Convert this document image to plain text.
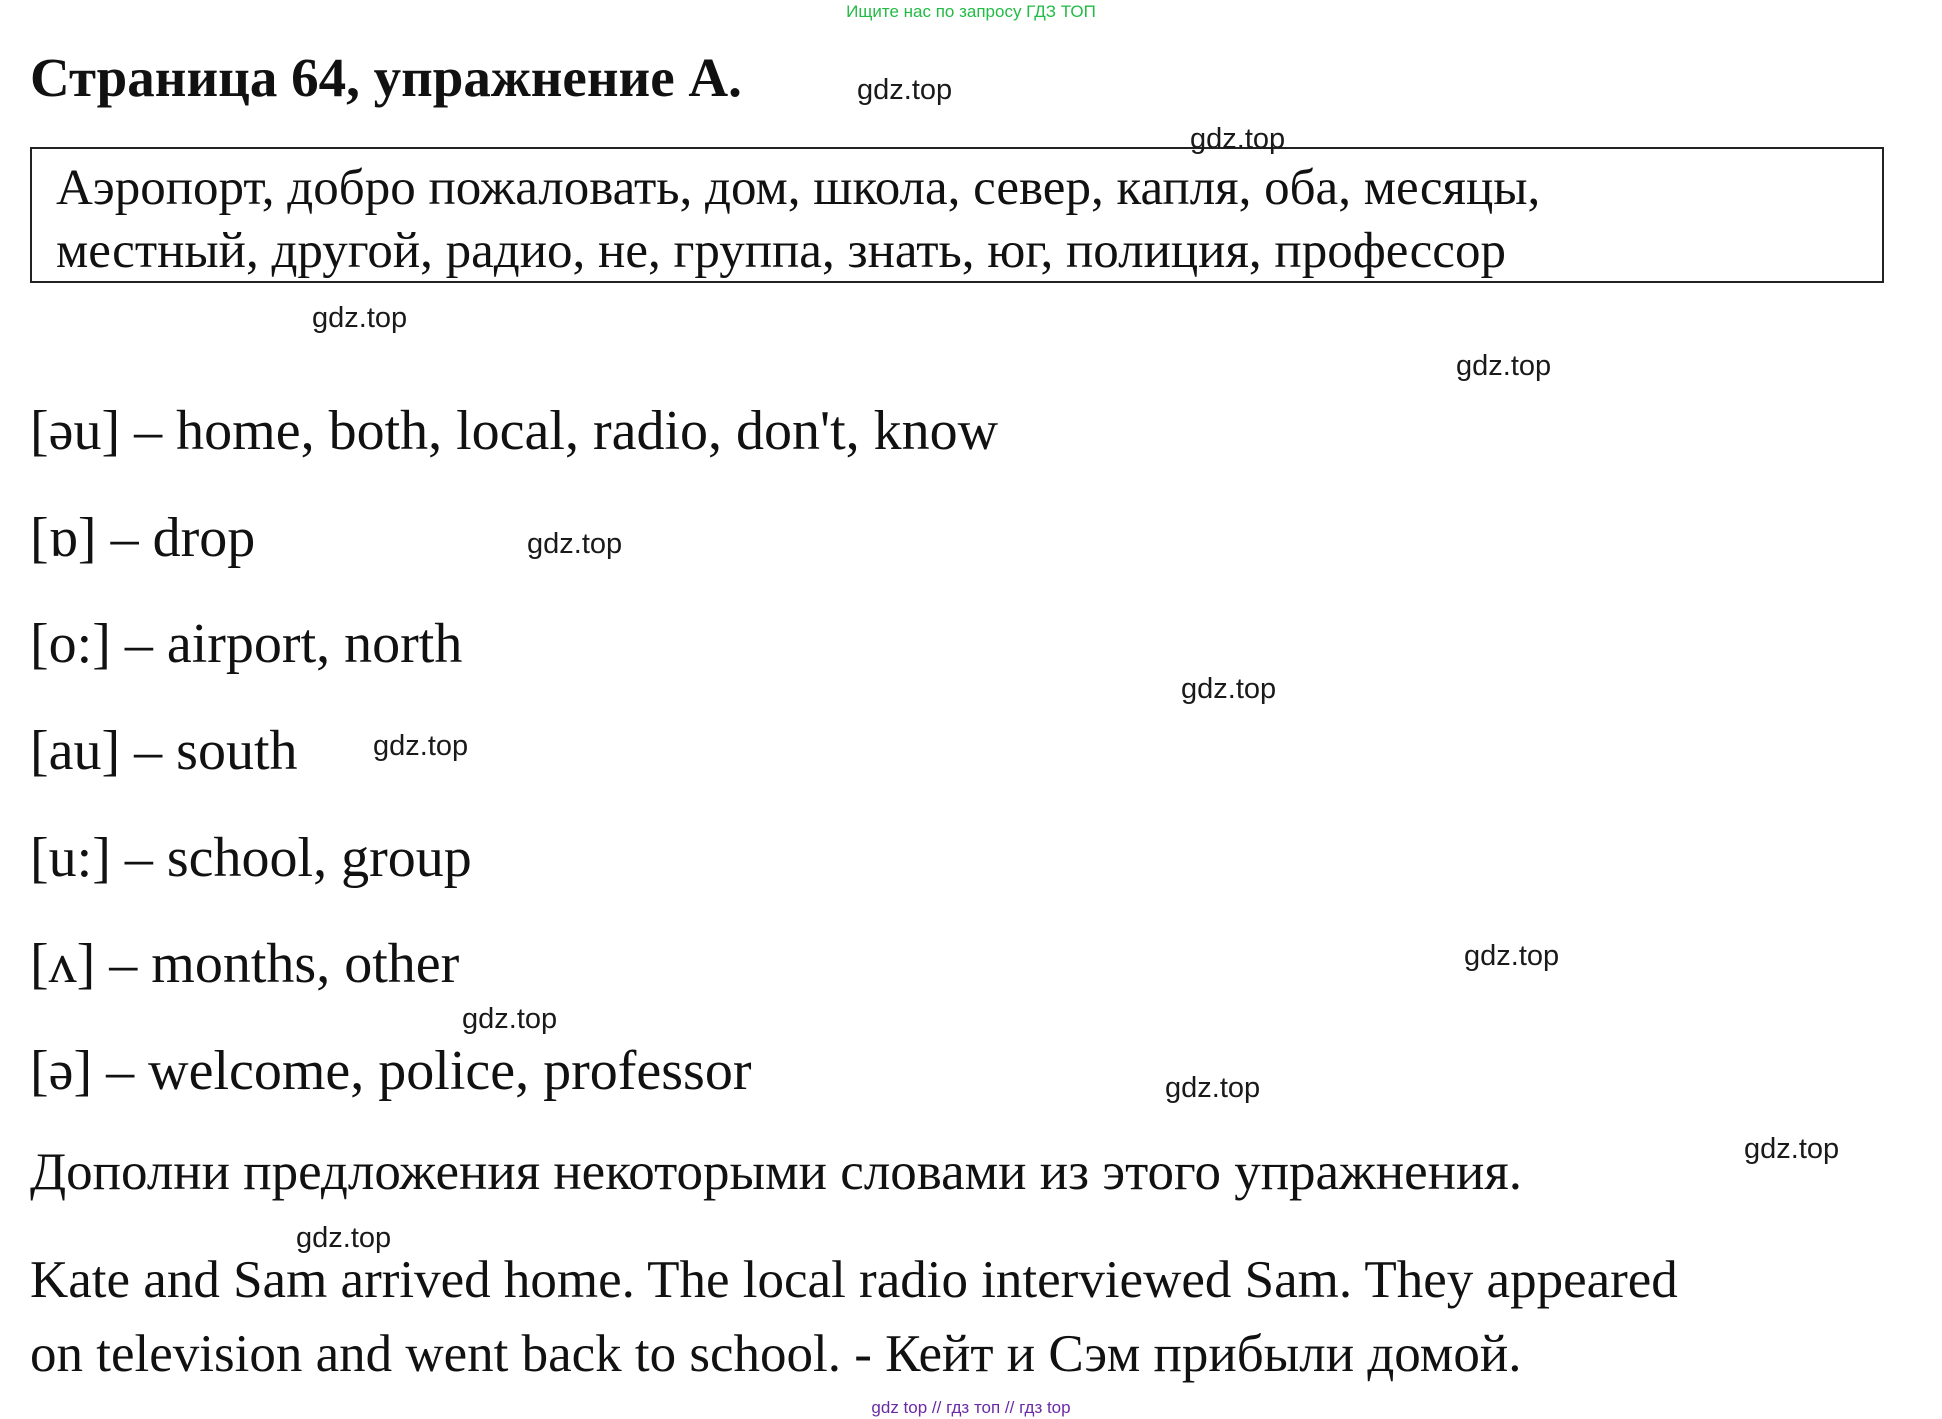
Ищите нас по запросу ГДЗ ТОП
Страница 64, упражнение А.
Аэропорт, добро пожаловать, дом, школа, север, капля, оба, месяцы,
местный, другой, радио, не, группа, знать, юг, полиция, профессор
[əu] – home, both, local, radio, don't, know
[ɒ] – drop
[o:] – airport, north
[au] – south
[u:] – school, group
[ʌ] – months, other
[ə] – welcome, police, professor
Дополни предложения некоторыми словами из этого упражнения.
Kate and Sam arrived home. The local radio interviewed Sam. They appeared
on television and went back to school. - Кейт и Сэм прибыли домой.
gdz.top
gdz.top
gdz.top
gdz.top
gdz.top
gdz.top
gdz.top
gdz.top
gdz.top
gdz.top
gdz.top
gdz.top
gdz top // гдз топ // гдз top
